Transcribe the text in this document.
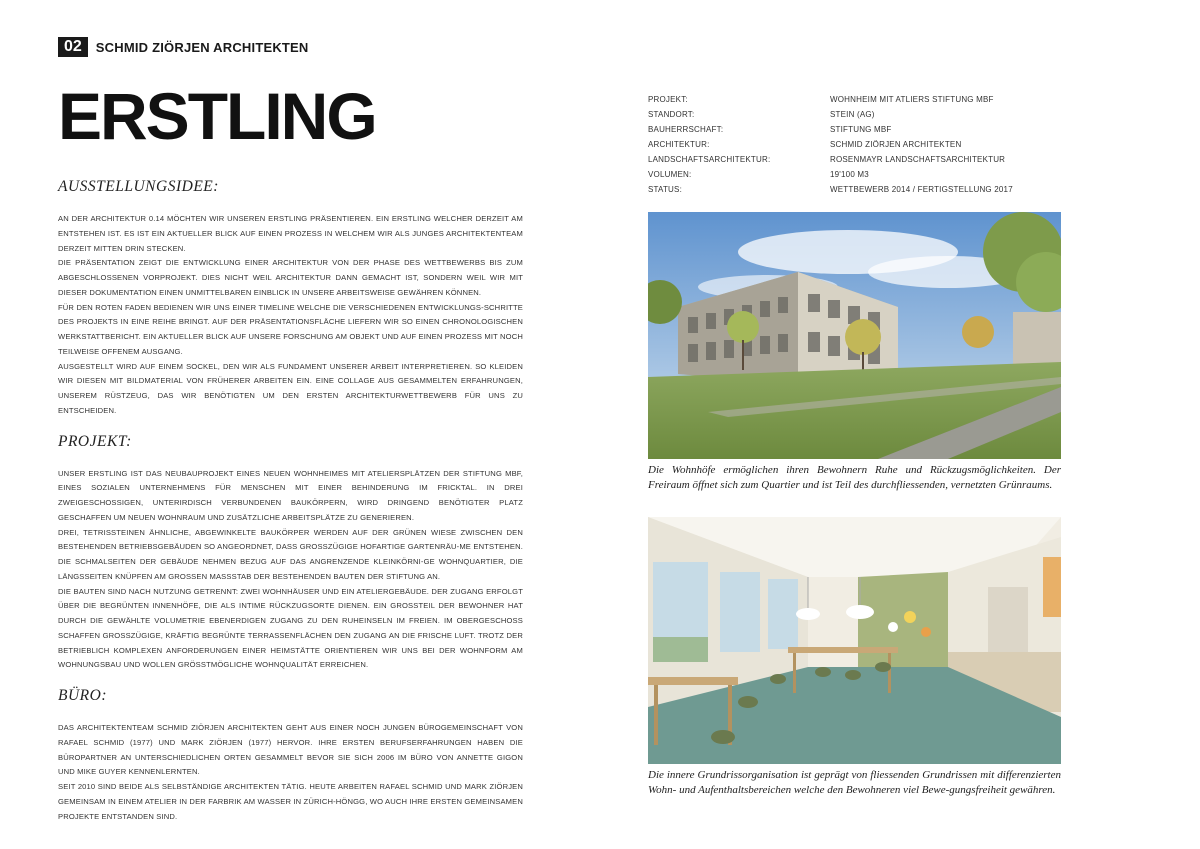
02	SCHMID ZIÖRJEN ARCHITEKTEN
ERSTLING
AUSSTELLUNGSIDEE:

AN DER ARCHITEKTUR 0.14 MÖCHTEN WIR UNSEREN ERSTLING PRÄSENTIEREN. EIN ERSTLING WELCHER DERZEIT AM ENTSTEHEN IST. ES IST EIN AKTUELLER BLICK AUF EINEN PROZESS IN WELCHEM WIR ALS JUNGES ARCHITEKTENTEAM DERZEIT MITTEN DRIN STECKEN.

DIE PRÄSENTATION ZEIGT DIE ENTWICKLUNG EINER ARCHITEKTUR VON DER PHASE DES WETTBEWERBS BIS ZUM ABGESCHLOSSENEN VORPROJEKT. DIES NICHT WEIL ARCHITEKTUR DANN GEMACHT IST, SONDERN WEIL WIR MIT DIESER DOKUMENTATION EINEN UNMITTELBAREN EINBLICK IN UNSERE ARBEITSWEISE GEWÄHREN KÖNNEN.

FÜR DEN ROTEN FADEN BEDIENEN WIR UNS EINER TIMELINE WELCHE DIE VERSCHIEDENEN ENTWICKLUNGS-SCHRITTE DES PROJEKTS IN EINE REIHE BRINGT. AUF DER PRÄSENTATIONSFLÄCHE LIEFERN WIR SO EINEN CHRONOLOGISCHEN WERKSTATTBERICHT. EIN AKTUELLER BLICK AUF UNSERE FORSCHUNG AM OBJEKT UND AUF EINEN PROZESS MIT NOCH TEILWEISE OFFENEM AUSGANG.

AUSGESTELLT WIRD AUF EINEM SOCKEL, DEN WIR ALS FUNDAMENT UNSERER ARBEIT INTERPRETIEREN. SO KLEIDEN WIR DIESEN MIT BILDMATERIAL VON FRÜHERER ARBEITEN EIN. EINE COLLAGE AUS GESAMMELTEN ERFAHRUNGEN, UNSEREM RÜSTZEUG, DAS WIR BENÖTIGTEN UM DEN ERSTEN ARCHITEKTURWETTBEWERB FÜR UNS ZU ENTSCHEIDEN.

PROJEKT:

UNSER ERSTLING IST DAS NEUBAUPROJEKT EINES NEUEN WOHNHEIMES MIT ATELIERSPLÄTZEN DER STIFTUNG MBF, EINES SOZIALEN UNTERNEHMENS FÜR MENSCHEN MIT EINER BEHINDERUNG IM FRICKTAL. IN DREI ZWEIGESCHOSSIGEN, UNTERIRDISCH VERBUNDENEN BAUKÖRPERN, WIRD DRINGEND BENÖTIGTER PLATZ GESCHAFFEN UM NEUEN WOHNRAUM UND ZUSÄTZLICHE ARBEITSPLÄTZE ZU GENERIEREN.

DREI, TETRISSTEINEN ÄHNLICHE, ABGEWINKELTE BAUKÖRPER WERDEN AUF DER GRÜNEN WIESE ZWISCHEN DEN BESTEHENDEN BETRIEBSGEBÄUDEN SO ANGEORDNET, DASS GROSSZÜGIGE HOFARTIGE GARTENRÄU-ME ENTSTEHEN. DIE SCHMALSEITEN DER GEBÄUDE NEHMEN BEZUG AUF DAS ANGRENZENDE KLEINKÖRNI-GE WOHNQUARTIER, DIE LÄNGSSEITEN KNÜPFEN AM GROSSEN MASSSTAB DER BESTEHENDEN BAUTEN DER STIFTUNG AN.

DIE BAUTEN SIND NACH NUTZUNG GETRENNT: ZWEI WOHNHÄUSER UND EIN ATELIERGEBÄUDE. DER ZUGANG ERFOLGT ÜBER DIE BEGRÜNTEN INNENHÖFE, DIE ALS INTIME RÜCKZUGSORTE DIENEN. EIN GROSSTEIL DER BEWOHNER HAT DURCH DIE GEWÄHLTE VOLUMETRIE EBENERDIGEN ZUGANG ZU DEN RUHEINSELN IM FREIEN. IM OBERGESCHOSS SCHAFFEN GROSSZÜGIGE, KRÄFTIG BEGRÜNTE TERRASSENFLÄCHEN DEN ZUGANG AN DIE FRISCHE LUFT. TROTZ DER BETRIEBLICH KOMPLEXEN ANFORDERUNGEN EINER HEIMSTÄTTE ORIENTIEREN WIR UNS BEI DER WOHNFORM AM WOHNUNGSBAU UND WOLLEN GRÖSSTMÖGLICHE WOHNQUALITÄT ERREICHEN.

BÜRO:

DAS ARCHITEKTENTEAM SCHMID ZIÖRJEN ARCHITEKTEN GEHT AUS EINER NOCH JUNGEN BÜROGEMEINSCHAFT VON RAFAEL SCHMID (1977) UND MARK ZIÖRJEN (1977) HERVOR. IHRE ERSTEN BERUFSERFAHRUNGEN HABEN DIE BÜROPARTNER AN UNTERSCHIEDLICHEN ORTEN GESAMMELT BEVOR SIE SICH 2006 IM BÜRO VON ANNETTE GIGON UND MIKE GUYER KENNENLERNTEN.

SEIT 2010 SIND BEIDE ALS SELBSTÄNDIGE ARCHITEKTEN TÄTIG. HEUTE ARBEITEN RAFAEL SCHMID UND MARK ZIÖRJEN GEMEINSAM IN EINEM ATELIER IN DER FARBRIK AM WASSER IN ZÜRICH-HÖNGG, WO AUCH IHRE ERSTEN GEMEINSAMEN PROJEKTE ENTSTANDEN SIND.

PROJEKT:	WOHNHEIM MIT ATLIERS STIFTUNG MBF
STANDORT:	STEIN (AG)
BAUHERRSCHAFT:	STIFTUNG MBF
ARCHITEKTUR:	SCHMID ZIÖRJEN ARCHITEKTEN
LANDSCHAFTSARCHITEKTUR:	ROSENMAYR LANDSCHAFTSARCHITEKTUR
VOLUMEN:	19'100 M3
STATUS:	WETTBEWERB 2014 / FERTIGSTELLUNG 2017
Die Wohnhöfe ermöglichen ihren Bewohnern Ruhe und Rückzugsmöglichkeiten. Der Freiraum öffnet sich zum Quartier und ist Teil des durchfliessenden, vernetzten Grünraums.
Die innere Grundrissorganisation ist geprägt von fliessenden Grundrissen mit differenzierten Wohn- und Aufenthaltsbereichen welche den Bewohneren viel Bewe-gungsfreiheit gewähren.
